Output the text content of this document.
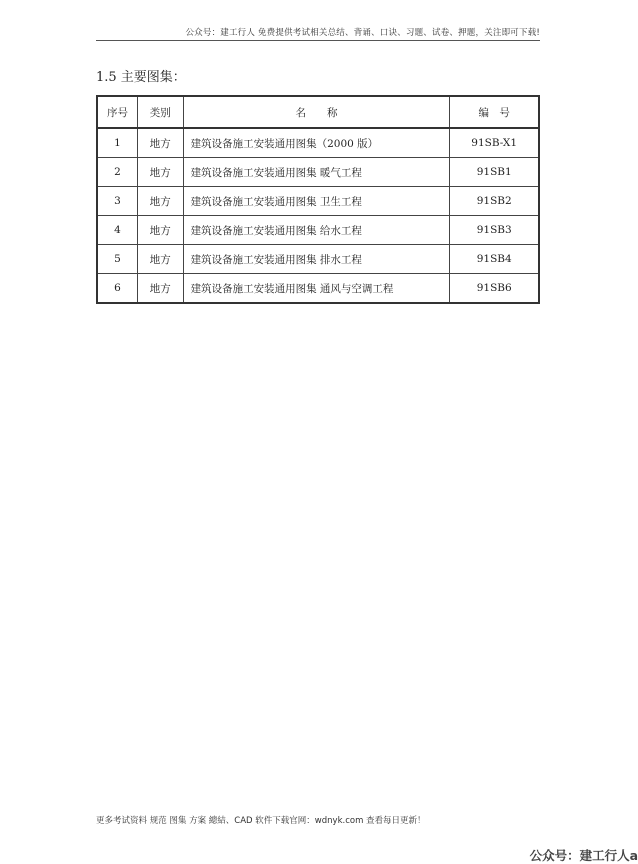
公众号：建工行人 免费提供考试相关总结、背诵、口诀、习题、试卷、押题，关注即可下载!
1.5 主要图集：
序号	类别	名　　称	编　号
1	地方	建筑设备施工安装通用图集（2000 版）	91SB-X1
2	地方	建筑设备施工安装通用图集 暖气工程	91SB1
3	地方	建筑设备施工安装通用图集 卫生工程	91SB2
4	地方	建筑设备施工安装通用图集 给水工程	91SB3
5	地方	建筑设备施工安装通用图集 排水工程	91SB4
6	地方	建筑设备施工安装通用图集 通风与空调工程	91SB6
更多考试资料 规范 图集 方案 總結、CAD 软件下载官网：wdnyk.com 查看每日更新！
公众号：建工行人a
